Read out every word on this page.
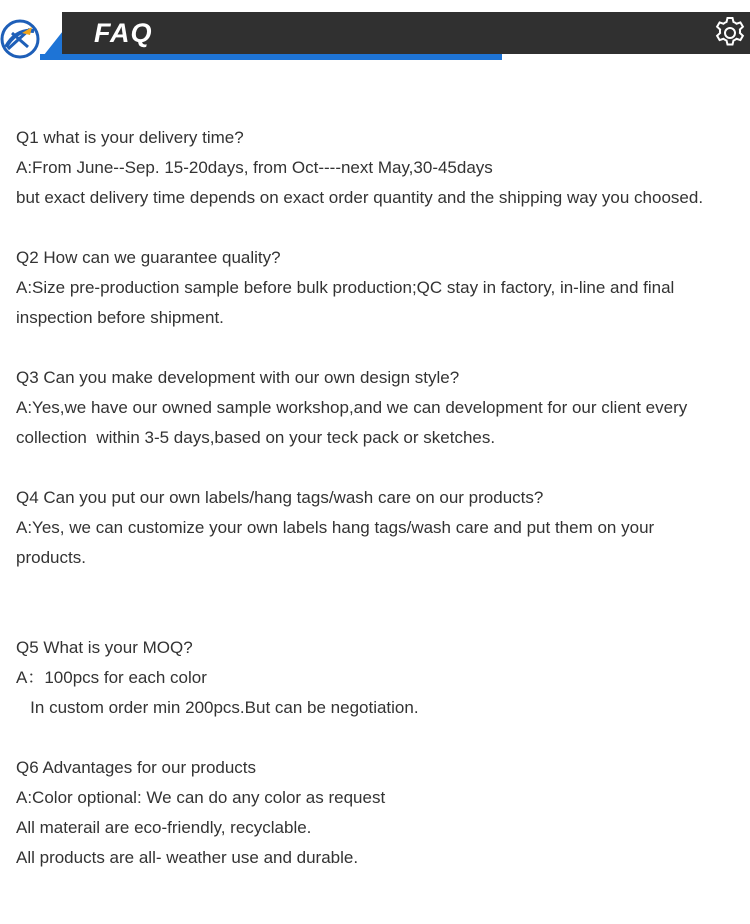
FAQ
Q1 what is your delivery time?
A:From June--Sep. 15-20days, from Oct----next May,30-45days
but exact delivery time depends on exact order quantity and the shipping way you choosed.
Q2 How can we guarantee quality?
A:Size pre-production sample before bulk production;QC stay in factory, in-line and final
inspection before shipment.
Q3 Can you make development with our own design style?
A:Yes,we have our owned sample workshop,and we can development for our client every
collection  within 3-5 days,based on your teck pack or sketches.
Q4 Can you put our own labels/hang tags/wash care on our products?
A:Yes, we can customize your own labels hang tags/wash care and put them on your
products.
Q5 What is your MOQ?
A：100pcs for each color
In custom order min 200pcs.But can be negotiation.
Q6 Advantages for our products
A:Color optional: We can do any color as request
All materail are eco-friendly, recyclable.
All products are all- weather use and durable.
